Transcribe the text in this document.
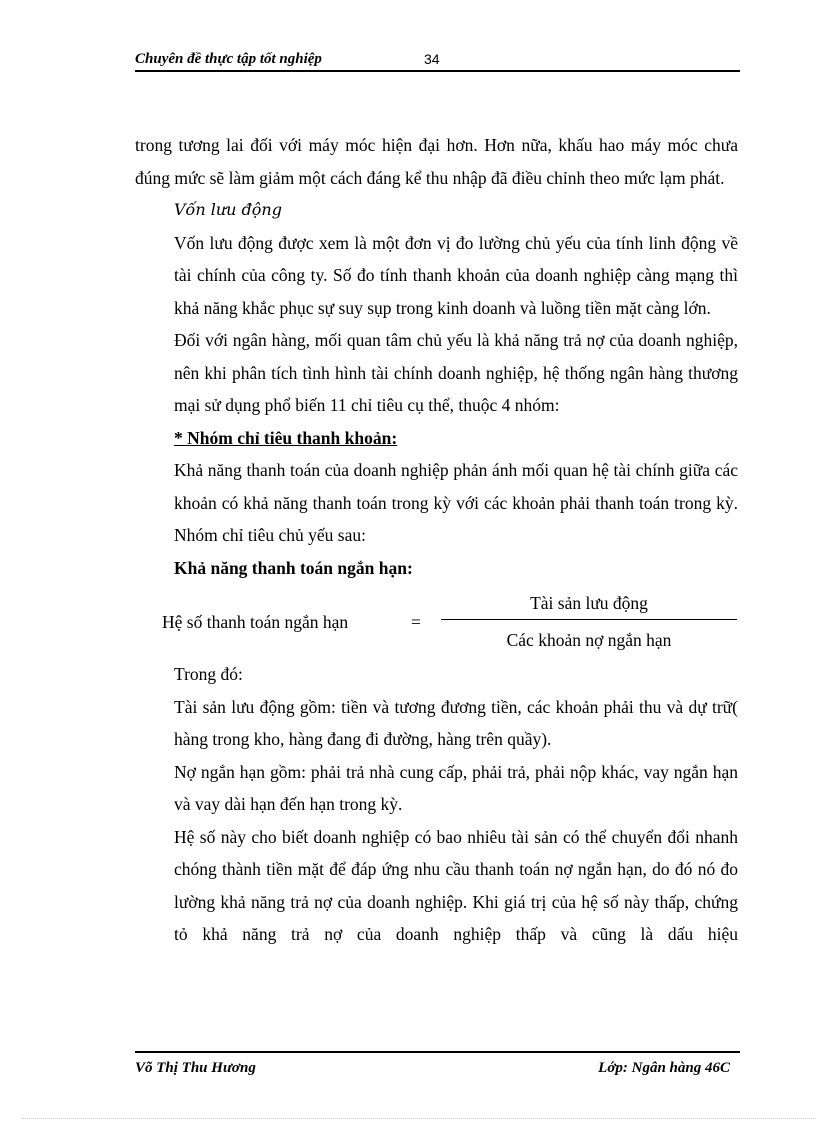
Chuyên đề thực tập tốt nghiệp	34

trong tương lai đối với máy móc hiện đại hơn. Hơn nữa, khấu hao máy móc chưa đúng mức sẽ làm giảm một cách đáng kể thu nhập đã điều chỉnh theo mức lạm phát.

Vốn lưu động

Vốn lưu động được xem là một đơn vị đo lường chủ yếu của tính linh động về tài chính của công ty. Số đo tính thanh khoản của doanh nghiệp càng mạng thì khả năng khắc phục sự suy sụp trong kinh doanh và luồng tiền mặt càng lớn.

Đối với ngân hàng, mối quan tâm chủ yếu là khả năng trả nợ của doanh nghiệp, nên khi phân tích tình hình tài chính doanh nghiệp, hệ thống ngân hàng thương mại sử dụng phổ biến 11 chỉ tiêu cụ thể, thuộc 4 nhóm:

* Nhóm chỉ tiêu thanh khoản:

Khả năng thanh toán của doanh nghiệp phản ánh mối quan hệ tài chính giữa các khoản có khả năng thanh toán trong kỳ với các khoản phải thanh toán trong kỳ. Nhóm chỉ tiêu chủ yếu sau:

Khả năng thanh toán ngắn hạn:

Hệ số thanh toán ngắn hạn	=
Tài sản lưu động
Các khoản nợ ngắn hạn

Trong đó:

Tài sản lưu động gồm: tiền và tương đương tiền, các khoản phải thu và dự trữ( hàng trong kho, hàng đang đi đường, hàng trên quầy).

Nợ ngắn hạn gồm: phải trả nhà cung cấp, phải trả, phải nộp khác, vay ngắn hạn và vay dài hạn đến hạn trong kỳ.

Hệ số này cho biết doanh nghiệp có bao nhiêu tài sản có thể chuyển đổi nhanh chóng thành tiền mặt để đáp ứng nhu cầu thanh toán nợ ngắn hạn, do đó nó đo lường khả năng trả nợ của doanh nghiệp. Khi giá trị của hệ số này thấp, chứng tỏ khả năng trả nợ của doanh nghiệp thấp và cũng là dấu hiệu

Võ Thị Thu Hương	Lớp: Ngân hàng 46C
